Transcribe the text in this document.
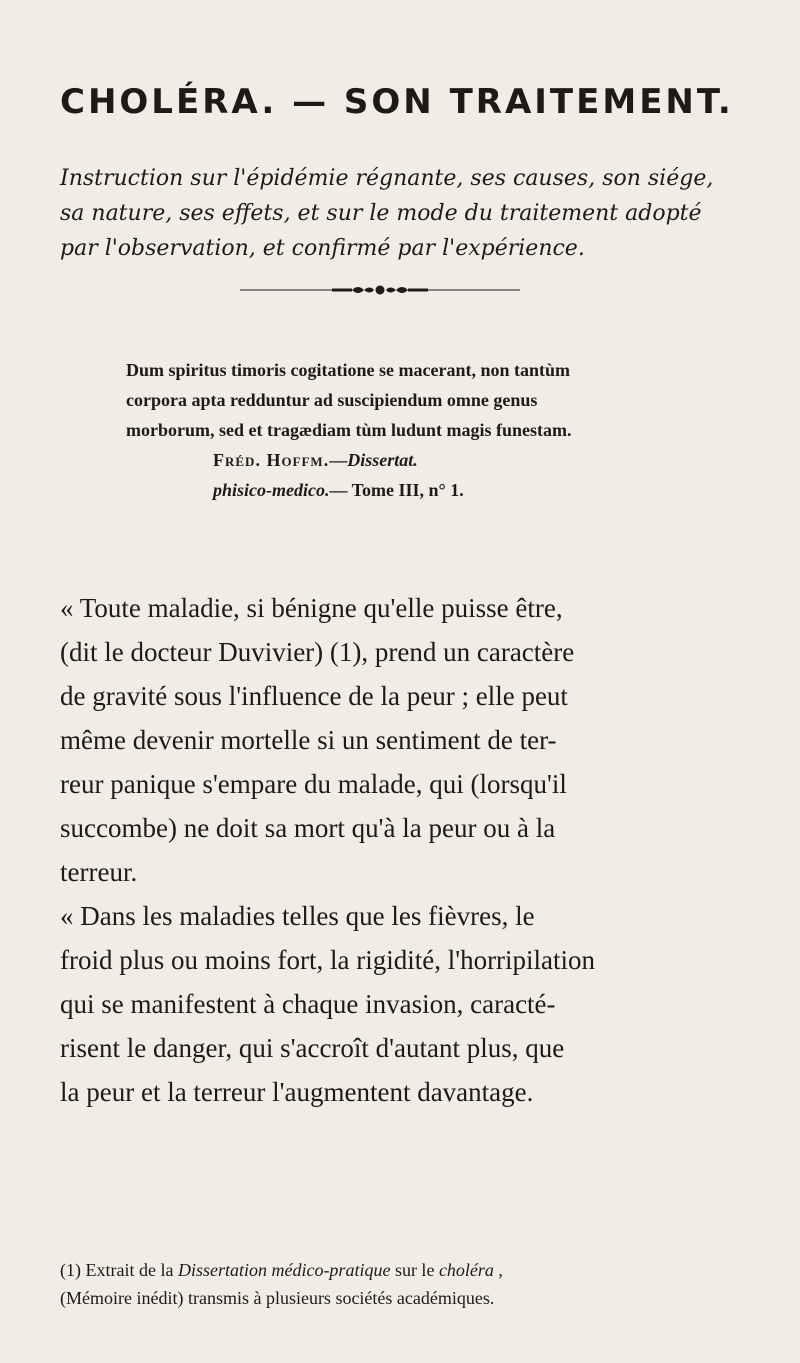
CHOLÉRA. — SON TRAITEMENT.
Instruction sur l'épidémie régnante, ses causes, son siége,
sa nature, ses effets, et sur le mode du traitement adopté
par l'observation, et confirmé par l'expérience.
Dum spiritus timoris cogitatione se macerant, non tantùm
corpora apta redduntur ad suscipiendum omne genus
morborum, sed et tragædiam tùm ludunt magis funestam.
Fréd. Hoffm.—Dissertat.
phisico-medico.— Tome III, n° 1.
« Toute maladie, si bénigne qu'elle puisse être,
(dit le docteur Duvivier) (1), prend un caractère
de gravité sous l'influence de la peur ; elle peut
même devenir mortelle si un sentiment de ter-
reur panique s'empare du malade, qui (lorsqu'il
succombe) ne doit sa mort qu'à la peur ou à la
terreur.
« Dans les maladies telles que les fièvres, le
froid plus ou moins fort, la rigidité, l'horripilation
qui se manifestent à chaque invasion, caracté-
risent le danger, qui s'accroît d'autant plus, que
la peur et la terreur l'augmentent davantage.
(1) Extrait de la Dissertation médico-pratique sur le choléra ,
(Mémoire inédit) transmis à plusieurs sociétés académiques.
